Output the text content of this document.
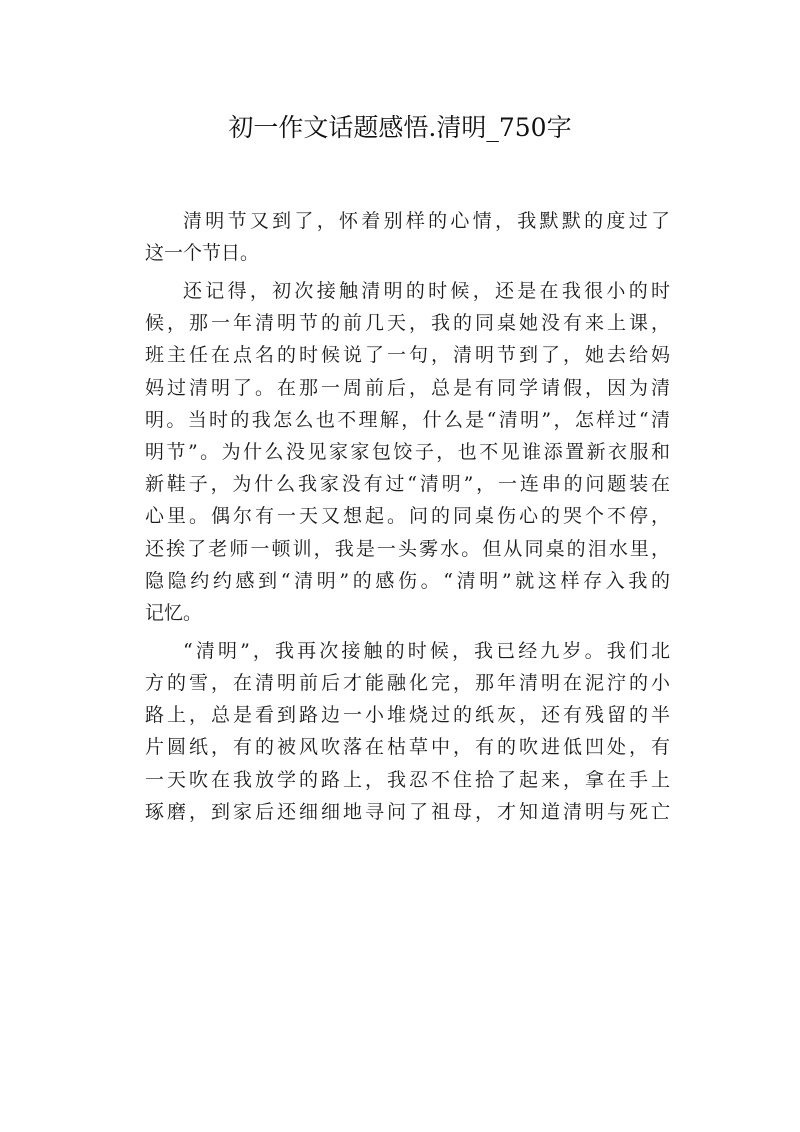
初一作文话题感悟.清明_750字
清明节又到了，怀着别样的心情，我默默的度过了
这一个节日。
还记得，初次接触清明的时候，还是在我很小的时
候，那一年清明节的前几天，我的同桌她没有来上课，
班主任在点名的时候说了一句，清明节到了，她去给妈
妈过清明了。在那一周前后，总是有同学请假，因为清
明。当时的我怎么也不理解，什么是“清明”，怎样过“清
明节”。为什么没见家家包饺子，也不见谁添置新衣服和
新鞋子，为什么我家没有过“清明”，一连串的问题装在
心里。偶尔有一天又想起。问的同桌伤心的哭个不停，
还挨了老师一顿训，我是一头雾水。但从同桌的泪水里，
隐隐约约感到“清明”的感伤。“清明”就这样存入我的
记忆。
“清明”，我再次接触的时候，我已经九岁。我们北
方的雪，在清明前后才能融化完，那年清明在泥泞的小
路上，总是看到路边一小堆烧过的纸灰，还有残留的半
片圆纸，有的被风吹落在枯草中，有的吹进低凹处，有
一天吹在我放学的路上，我忍不住拾了起来，拿在手上
琢磨，到家后还细细地寻问了祖母，才知道清明与死亡
